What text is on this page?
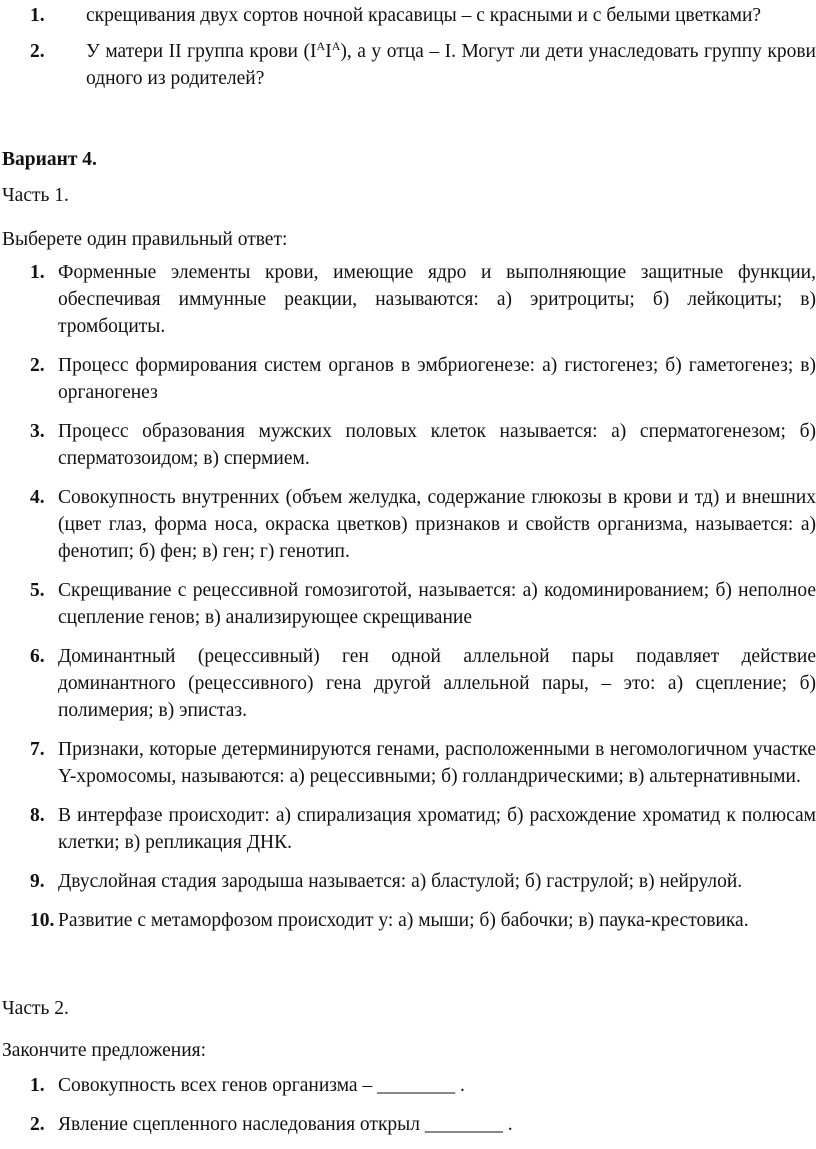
1.	скрещивания двух сортов ночной красавицы – с красными и с белыми цветками?
2.	У матери II группа крови $(I^AI^A)$, а у отца – I. Могут ли дети унаследовать группу крови одного из родителей?
Вариант 4.
Часть 1.
Выберете один правильный ответ:
1. Форменные элементы крови, имеющие ядро и выполняющие защитные функции, обеспечивая иммунные реакции, называются: а) эритроциты; б) лейкоциты; в) тромбоциты.
2. Процесс формирования систем органов в эмбриогенезе: а) гистогенез; б) гаметогенез; в) органогенез
3. Процесс образования мужских половых клеток называется: а) сперматогенезом; б) сперматозоидом; в) спермием.
4. Совокупность внутренних (объем желудка, содержание глюкозы в крови и тд) и внешних (цвет глаз, форма носа, окраска цветков) признаков и свойств организма, называется: а) фенотип; б) фен; в) ген; г) генотип.
5. Скрещивание с рецессивной гомозиготой, называется: а) кодоминированием; б) неполное сцепление генов; в) анализирующее скрещивание
6. Доминантный (рецессивный) ген одной аллельной пары подавляет действие доминантного (рецессивного) гена другой аллельной пары, – это: а) сцепление; б) полимерия; в) эпистаз.
7. Признаки, которые детерминируются генами, расположенными в негомологичном участке Y-хромосомы, называются: а) рецессивными; б) голландрическими; в) альтернативными.
8. В интерфазе происходит: а) спирализация хроматид; б) расхождение хроматид к полюсам клетки; в) репликация ДНК.
9. Двуслойная стадия зародыша называется: а) бластулой; б) гаструлой; в) нейрулой.
10. Развитие с метаморфозом происходит у: а) мыши; б) бабочки; в) паука-крестовика.
Часть 2.
Закончите предложения:
1. Совокупность всех генов организма – ________ .
2. Явление сцепленного наследования открыл ________ .
